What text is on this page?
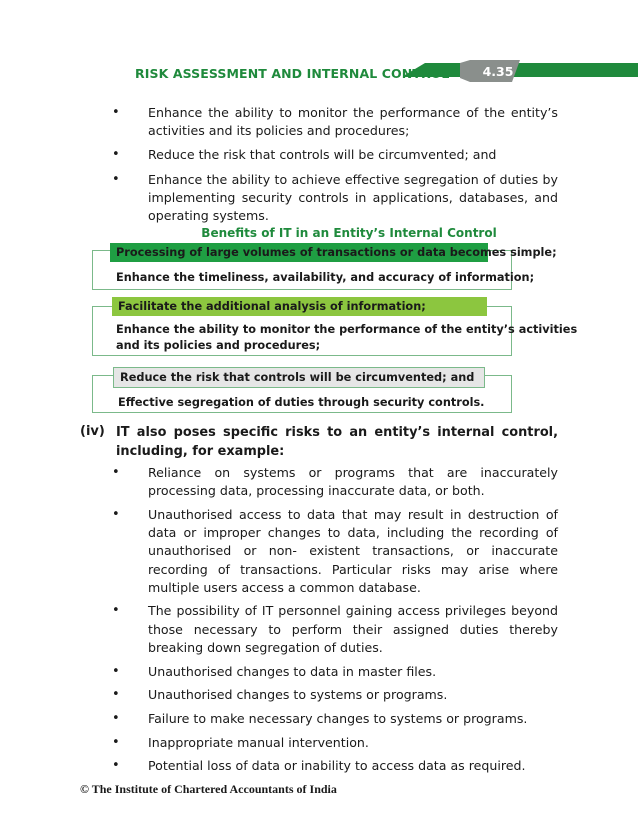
RISK ASSESSMENT AND INTERNAL CONTROL	4.35
• Enhance the ability to monitor the performance of the entity’s activities and its policies and procedures;
• Reduce the risk that controls will be circumvented; and
• Enhance the ability to achieve effective segregation of duties by implementing security controls in applications, databases, and operating systems.
Benefits of IT in an Entity’s Internal Control
Processing of large volumes of transactions or data becomes simple;
Enhance the timeliness, availability, and accuracy of information;
Facilitate the additional analysis of information;
Enhance the ability to monitor the performance of the entity’s activities
and its policies and procedures;
Reduce the risk that controls will be circumvented; and
Effective segregation of duties through security controls.
(iv) IT also poses specific risks to an entity’s internal control, including, for example:
• Reliance on systems or programs that are inaccurately processing data, processing inaccurate data, or both.
• Unauthorised access to data that may result in destruction of data or improper changes to data, including the recording of unauthorised or non- existent transactions, or inaccurate recording of transactions. Particular risks may arise where multiple users access a common database.
• The possibility of IT personnel gaining access privileges beyond those necessary to perform their assigned duties thereby breaking down segregation of duties.
• Unauthorised changes to data in master files.
• Unauthorised changes to systems or programs.
• Failure to make necessary changes to systems or programs.
• Inappropriate manual intervention.
• Potential loss of data or inability to access data as required.
© The Institute of Chartered Accountants of India
